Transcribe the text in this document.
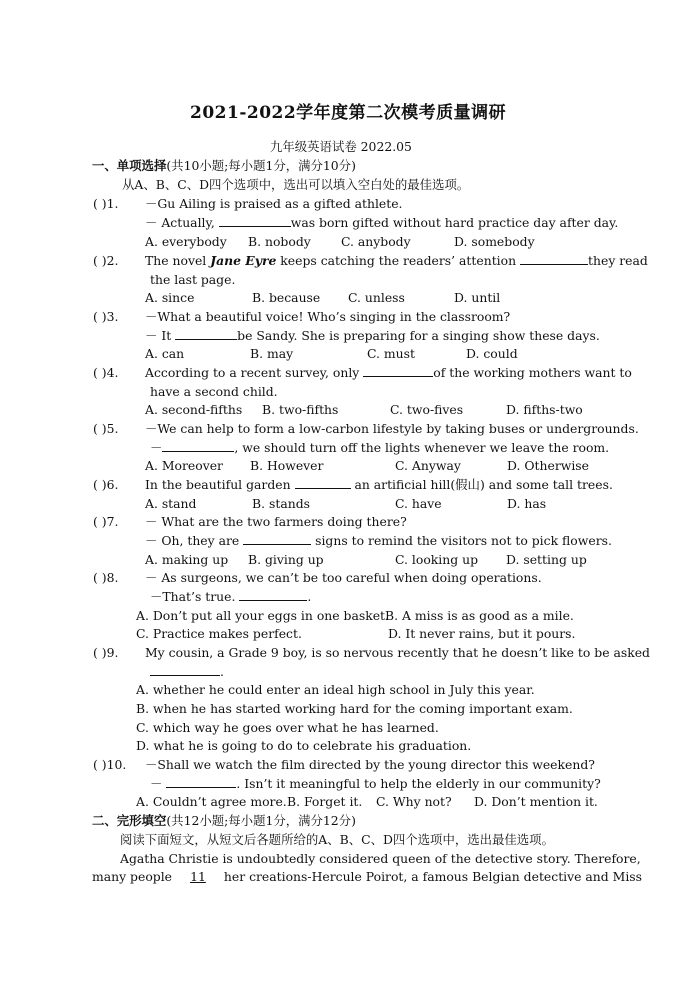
2021-2022学年度第二次模考质量调研
九年级英语试卷 2022.05
一、单项选择(共10小题;每小题1分，满分10分)
从A、B、C、D四个选项中，选出可以填入空白处的最佳选项。
( )1. －Gu Ailing is praised as a gifted athlete.
－ Actually,	was born gifted without hard practice day after day.
A. everybody B. nobody C. anybody	D. somebody
( )2. The novel Jane Eyre keeps catching the readers’ attention	they read
the last page.
A. since	B. because C. unless	D. until
( )3. －What a beautiful voice! Who’s singing in the classroom?
－ It	be Sandy. She is preparing for a singing show these days.
A. can	B. may	C. must	D. could
( )4. According to a recent survey, only	of the working mothers want to
have a second child.
A. second-fifths B. two-fifths	C. two-fives	D. fifths-two
( )5. －We can help to form a low-carbon lifestyle by taking buses or undergrounds.
－	, we should turn off the lights whenever we leave the room.
A. Moreover B. However	C. Anyway	D. Otherwise
( )6. In the beautiful garden	an artificial hill(假山) and some tall trees.
A. stand	B. stands	C. have	D. has
( )7. － What are the two farmers doing there?
－ Oh, they are	signs to remind the visitors not to pick flowers.
A. making up B. giving up	C. looking up D. setting up
( )8. － As surgeons, we can’t be too careful when doing operations.
－That’s true.	.
A. Don’t put all your eggs in one basket.
B. A miss is as good as a mile.
C. Practice makes perfect.	D. It never rains, but it pours.
( )9. My cousin, a Grade 9 boy, is so nervous recently that he doesn’t like to be asked
.
A. whether he could enter an ideal high school in July this year.
B. when he has started working hard for the coming important exam.
C. which way he goes over what he has learned.
D. what he is going to do to celebrate his graduation.
( )10. －Shall we watch the film directed by the young director this weekend?
－	. Isn’t it meaningful to help the elderly in our community?
A. Couldn’t agree more. B. Forget it. C. Why not? D. Don’t mention it.
二、完形填空(共12小题;每小题1分，满分12分)
阅读下面短文，从短文后各题所给的A、B、C、D四个选项中，选出最佳选项。
Agatha Christie is undoubtedly considered queen of the detective story. Therefore,
many people 11 her creations-Hercule Poirot, a famous Belgian detective and Miss
